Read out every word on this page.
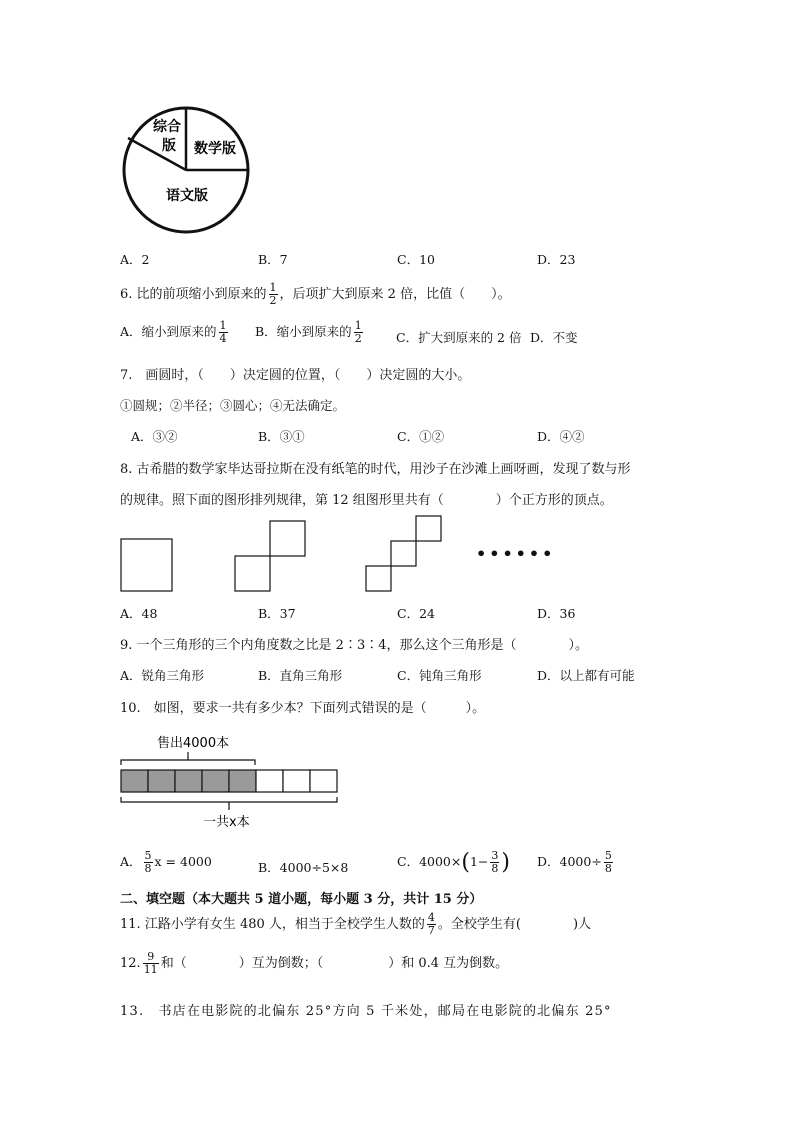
综合
版 数学版
语文版
A．2	B．7	C．10	D．23
6. 比的前项缩小到原来的 $\frac{1}{2}$ ，后项扩大到原来 2 倍，比值（　　）。
A．缩小到原来的 $\frac{1}{4}$ B．缩小到原来的 $\frac{1}{2}$	C．扩大到原来的 2 倍 D．不变
7.　画圆时，（　　）决定圆的位置，（　　）决定圆的大小。
①圆规；②半径；③圆心；④无法确定。
A．③②	B．③①	C．①②	D．④②
8. 古希腊的数学家毕达哥拉斯在没有纸笔的时代，用沙子在沙滩上画呀画，发现了数与形
的规律。照下面的图形排列规律，第 12 组图形里共有（　　　　）个正方形的顶点。
••••••
A．48	B．37	C．24	D．36
9. 一个三角形的三个内角度数之比是 2∶3∶4，那么这个三角形是（　　　　）。
A．锐角三角形	B．直角三角形	C．钝角三角形	D．以上都有可能
10.　如图，要求一共有多少本？下面列式错误的是（　　　）。
售出4000本
一共x本
A． $\frac{5}{8}$ x = 4000	B．4000÷5×8	C．$4000\times(1- \frac{3}{8}$ ) D．$4000\div \frac{5}{8}$
二、填空题（本大题共 5 道小题，每小题 3 分，共计 15 分）
11. 江路小学有女生 480 人，相当于全校学生人数的 $\frac{4}{7}$ 。全校学生有(　　　　)人
12. $\frac{9}{11}$ 和（　　　　）互为倒数；（　　　　　）和 0.4 互为倒数。
13.　书店在电影院的北偏东 25°方向 5 千米处，邮局在电影院的北偏东 25°
